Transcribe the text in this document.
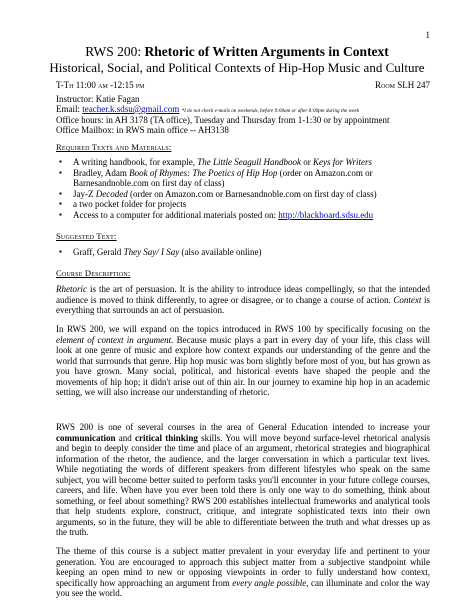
1
RWS 200: Rhetoric of Written Arguments in Context
Historical, Social, and Political Contexts of Hip-Hop Music and Culture
T-Th 11:00 am -12:15 pm	Room SLH 247
Instructor: Katie Fagan
Email: teacher.k.sdsu@gmail.com *I do not check e-mails on weekends, before 9:00am or after 8:00pm during the week
Office hours: in AH 3178 (TA office), Tuesday and Thursday from 1-1:30 or by appointment
Office Mailbox: in RWS main office -- AH3138
Required Texts and Materials:
▪ A writing handbook, for example, The Little Seagull Handbook or Keys for Writers
▪ Bradley, Adam Book of Rhymes: The Poetics of Hip Hop (order on Amazon.com or Barnesandnoble.com on first day of class)
▪ Jay-Z Decoded (order on Amazon.com or Barnesandnoble.com on first day of class)
▪ a two pocket folder for projects
▪ Access to a computer for additional materials posted on: http://blackboard.sdsu.edu
Suggested Text:
▪ Graff, Gerald They Say/ I Say (also available online)
Course Description:

Rhetoric is the art of persuasion. It is the ability to introduce ideas compellingly, so that the intended audience is moved to think differently, to agree or disagree, or to change a course of action. Context is everything that surrounds an act of persuasion.

In RWS 200, we will expand on the topics introduced in RWS 100 by specifically focusing on the element of context in argument. Because music plays a part in every day of your life, this class will look at one genre of music and explore how context expands our understanding of the genre and the world that surrounds that genre. Hip hop music was born slightly before most of you, but has grown as you have grown. Many social, political, and historical events have shaped the people and the movements of hip hop; it didn't arise out of thin air. In our journey to examine hip hop in an academic setting, we will also increase our understanding of rhetoric.

RWS 200 is one of several courses in the area of General Education intended to increase your communication and critical thinking skills. You will move beyond surface-level rhetorical analysis and begin to deeply consider the time and place of an argument, rhetorical strategies and biographical information of the rhetor, the audience, and the larger conversation in which a particular text lives. While negotiating the words of different speakers from different lifestyles who speak on the same subject, you will become better suited to perform tasks you'll encounter in your future college courses, careers, and life. When have you ever been told there is only one way to do something, think about something, or feel about something? RWS 200 establishes intellectual frameworks and analytical tools that help students explore, construct, critique, and integrate sophisticated texts into their own arguments, so in the future, they will be able to differentiate between the truth and what dresses up as the truth.

The theme of this course is a subject matter prevalent in your everyday life and pertinent to your generation. You are encouraged to approach this subject matter from a subjective standpoint while keeping an open mind to new or opposing viewpoints in order to fully understand how context, specifically how approaching an argument from every angle possible, can illuminate and color the way you see the world.
